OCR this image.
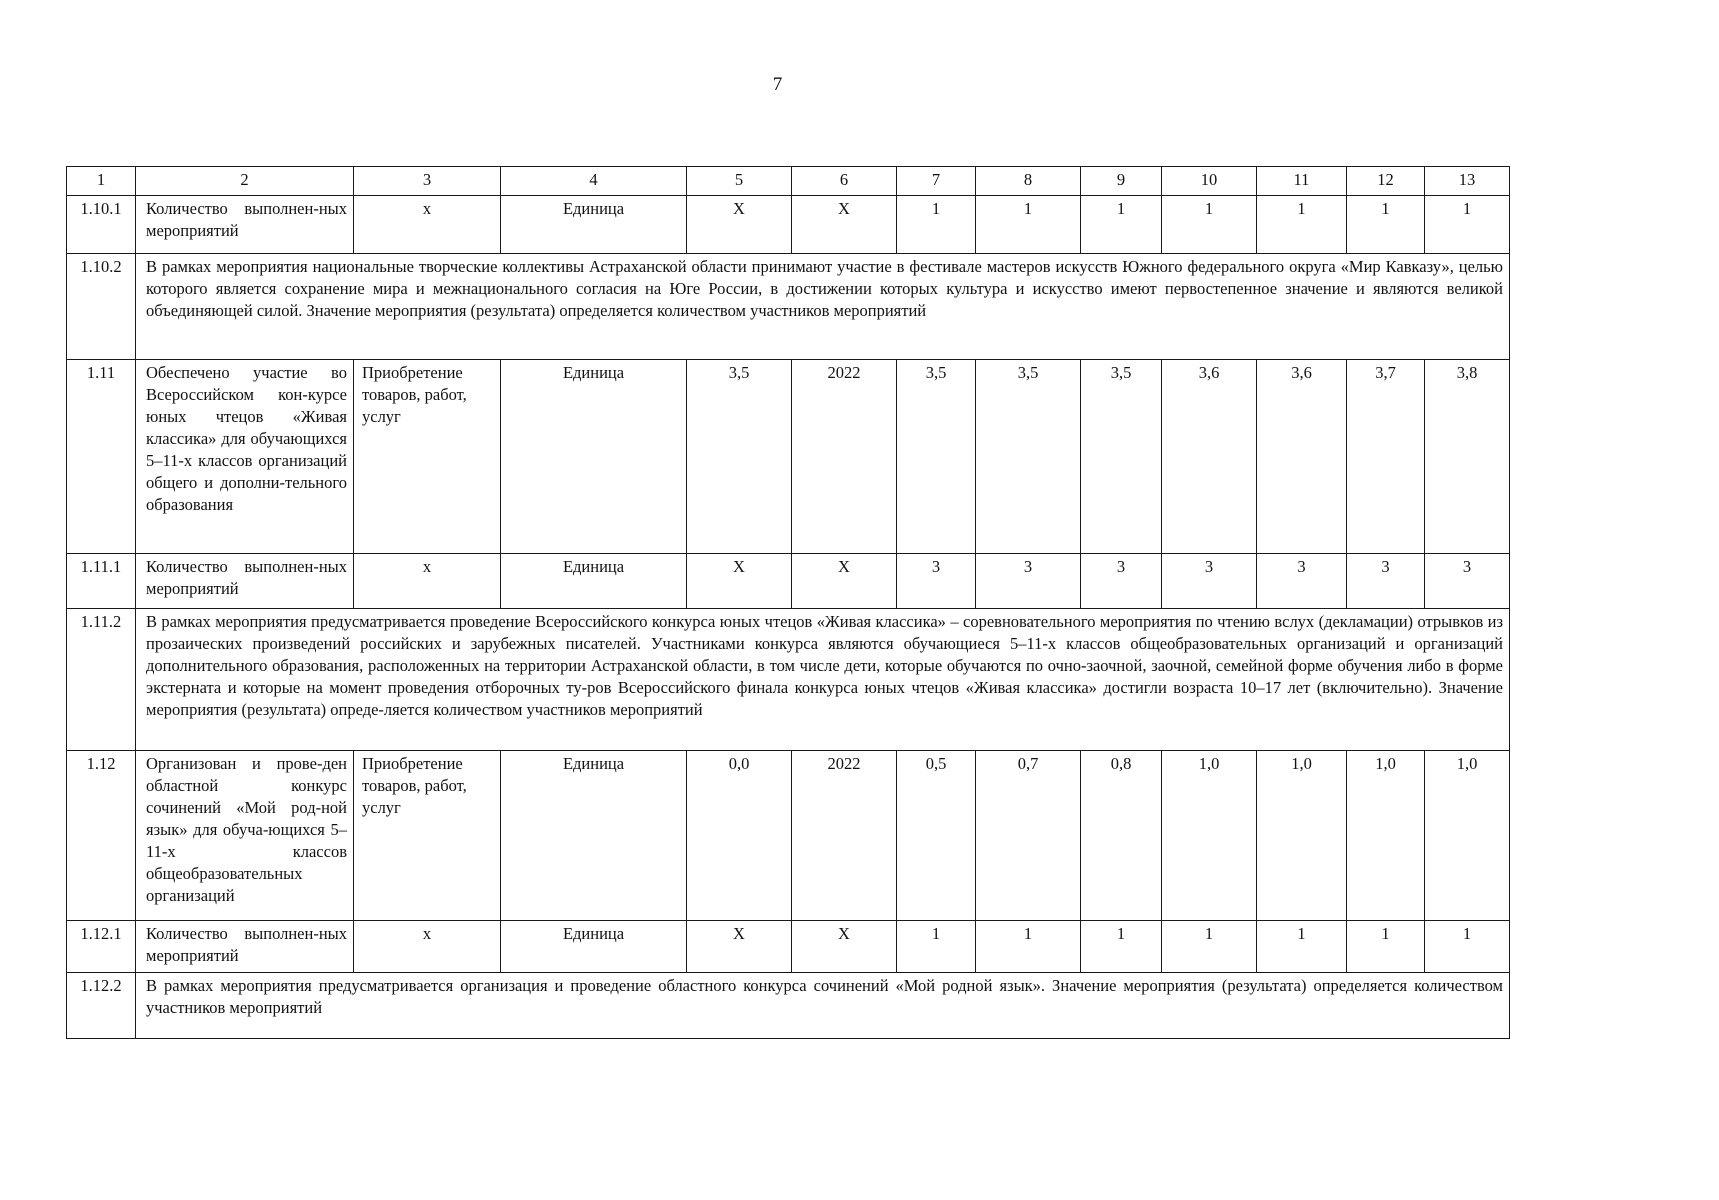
7
1	2	3	4	5	6	7	8	9	10	11	12	13
1.10.1	Количество выполнен-ных мероприятий	х	Единица	X	X	1	1	1	1	1	1	1
1.10.2	В рамках мероприятия национальные творческие коллективы Астраханской области принимают участие в фестивале мастеров искусств Южного федерального округа «Мир Кавказу», целью которого является сохранение мира и межнационального согласия на Юге России, в достижении которых культура и искусство имеют первостепенное значение и являются великой объединяющей силой. Значение мероприятия (результата) определяется количеством участников мероприятий											
1.11	Обеспечено участие во Всероссийском кон-курсе юных чтецов «Живая классика» для обучающихся 5–11-х классов организаций общего и дополни-тельного образования	Приобретение товаров, работ, услуг	Единица	3,5	2022	3,5	3,5	3,5	3,6	3,6	3,7	3,8
1.11.1	Количество выполнен-ных мероприятий	х	Единица	X	X	3	3	3	3	3	3	3
1.11.2	В рамках мероприятия предусматривается проведение Всероссийского конкурса юных чтецов «Живая классика» – соревновательного мероприятия по чтению вслух (декламации) отрывков из прозаических произведений российских и зарубежных писателей. Участниками конкурса являются обучающиеся 5–11-х классов общеобразовательных организаций и организаций дополнительного образования, расположенных на территории Астраханской области, в том числе дети, которые обучаются по очно-заочной, заочной, семейной форме обучения либо в форме экстерната и которые на момент проведения отборочных ту-ров Всероссийского финала конкурса юных чтецов «Живая классика» достигли возраста 10–17 лет (включительно). Значение мероприятия (результата) опреде-ляется количеством участников мероприятий											
1.12	Организован и прове-ден областной конкурс сочинений «Мой род-ной язык» для обуча-ющихся 5–11-х классов общеобразовательных организаций	Приобретение товаров, работ, услуг	Единица	0,0	2022	0,5	0,7	0,8	1,0	1,0	1,0	1,0
1.12.1	Количество выполнен-ных мероприятий	х	Единица	X	X	1	1	1	1	1	1	1
1.12.2	В рамках мероприятия предусматривается организация и проведение областного конкурса сочинений «Мой родной язык». Значение мероприятия (результата) определяется количеством участников мероприятий											
